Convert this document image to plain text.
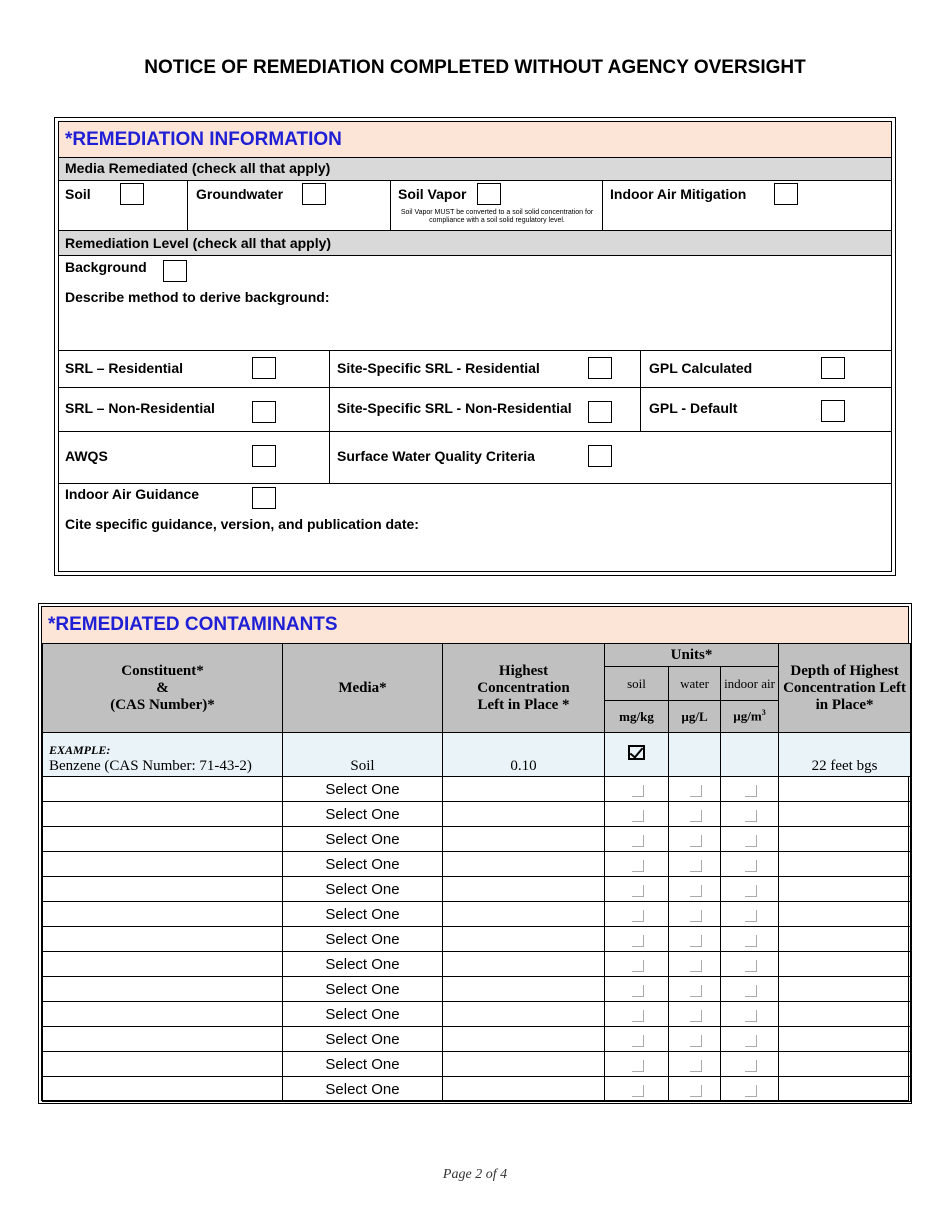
NOTICE OF REMEDIATION COMPLETED WITHOUT AGENCY OVERSIGHT
*REMEDIATION INFORMATION
Media Remediated (check all that apply)
Soil	Groundwater	Soil Vapor
Soil Vapor MUST be converted to a soil solid concentration for compliance with a soil solid regulatory level.
Indoor Air Mitigation
Remediation Level (check all that apply)
Background
Describe method to derive background:
SRL – Residential	Site-Specific SRL - Residential	GPL Calculated
SRL – Non-Residential	Site-Specific SRL - Non-Residential	GPL - Default
AWQS	Surface Water Quality Criteria
Indoor Air Guidance
Cite specific guidance, version, and publication date:
*REMEDIATED CONTAMINANTS
Constituent*
&
(CAS Number)*	Media*	Highest Concentration Left in Place *	Units*			Depth of Highest Concentration Left in Place*
			soil	water	indoor air	
			mg/kg	µg/L	$\mu g/m^3$

EXAMPLE:
Benzene (CAS Number: 71-43-2)	Soil	0.10				22 feet bgs
	Select One		

	Select One		

	Select One		

	Select One		

	Select One		

	Select One		

	Select One		

	Select One		

	Select One		

	Select One		

	Select One		

	Select One		

	Select One		

Page 2 of 4
